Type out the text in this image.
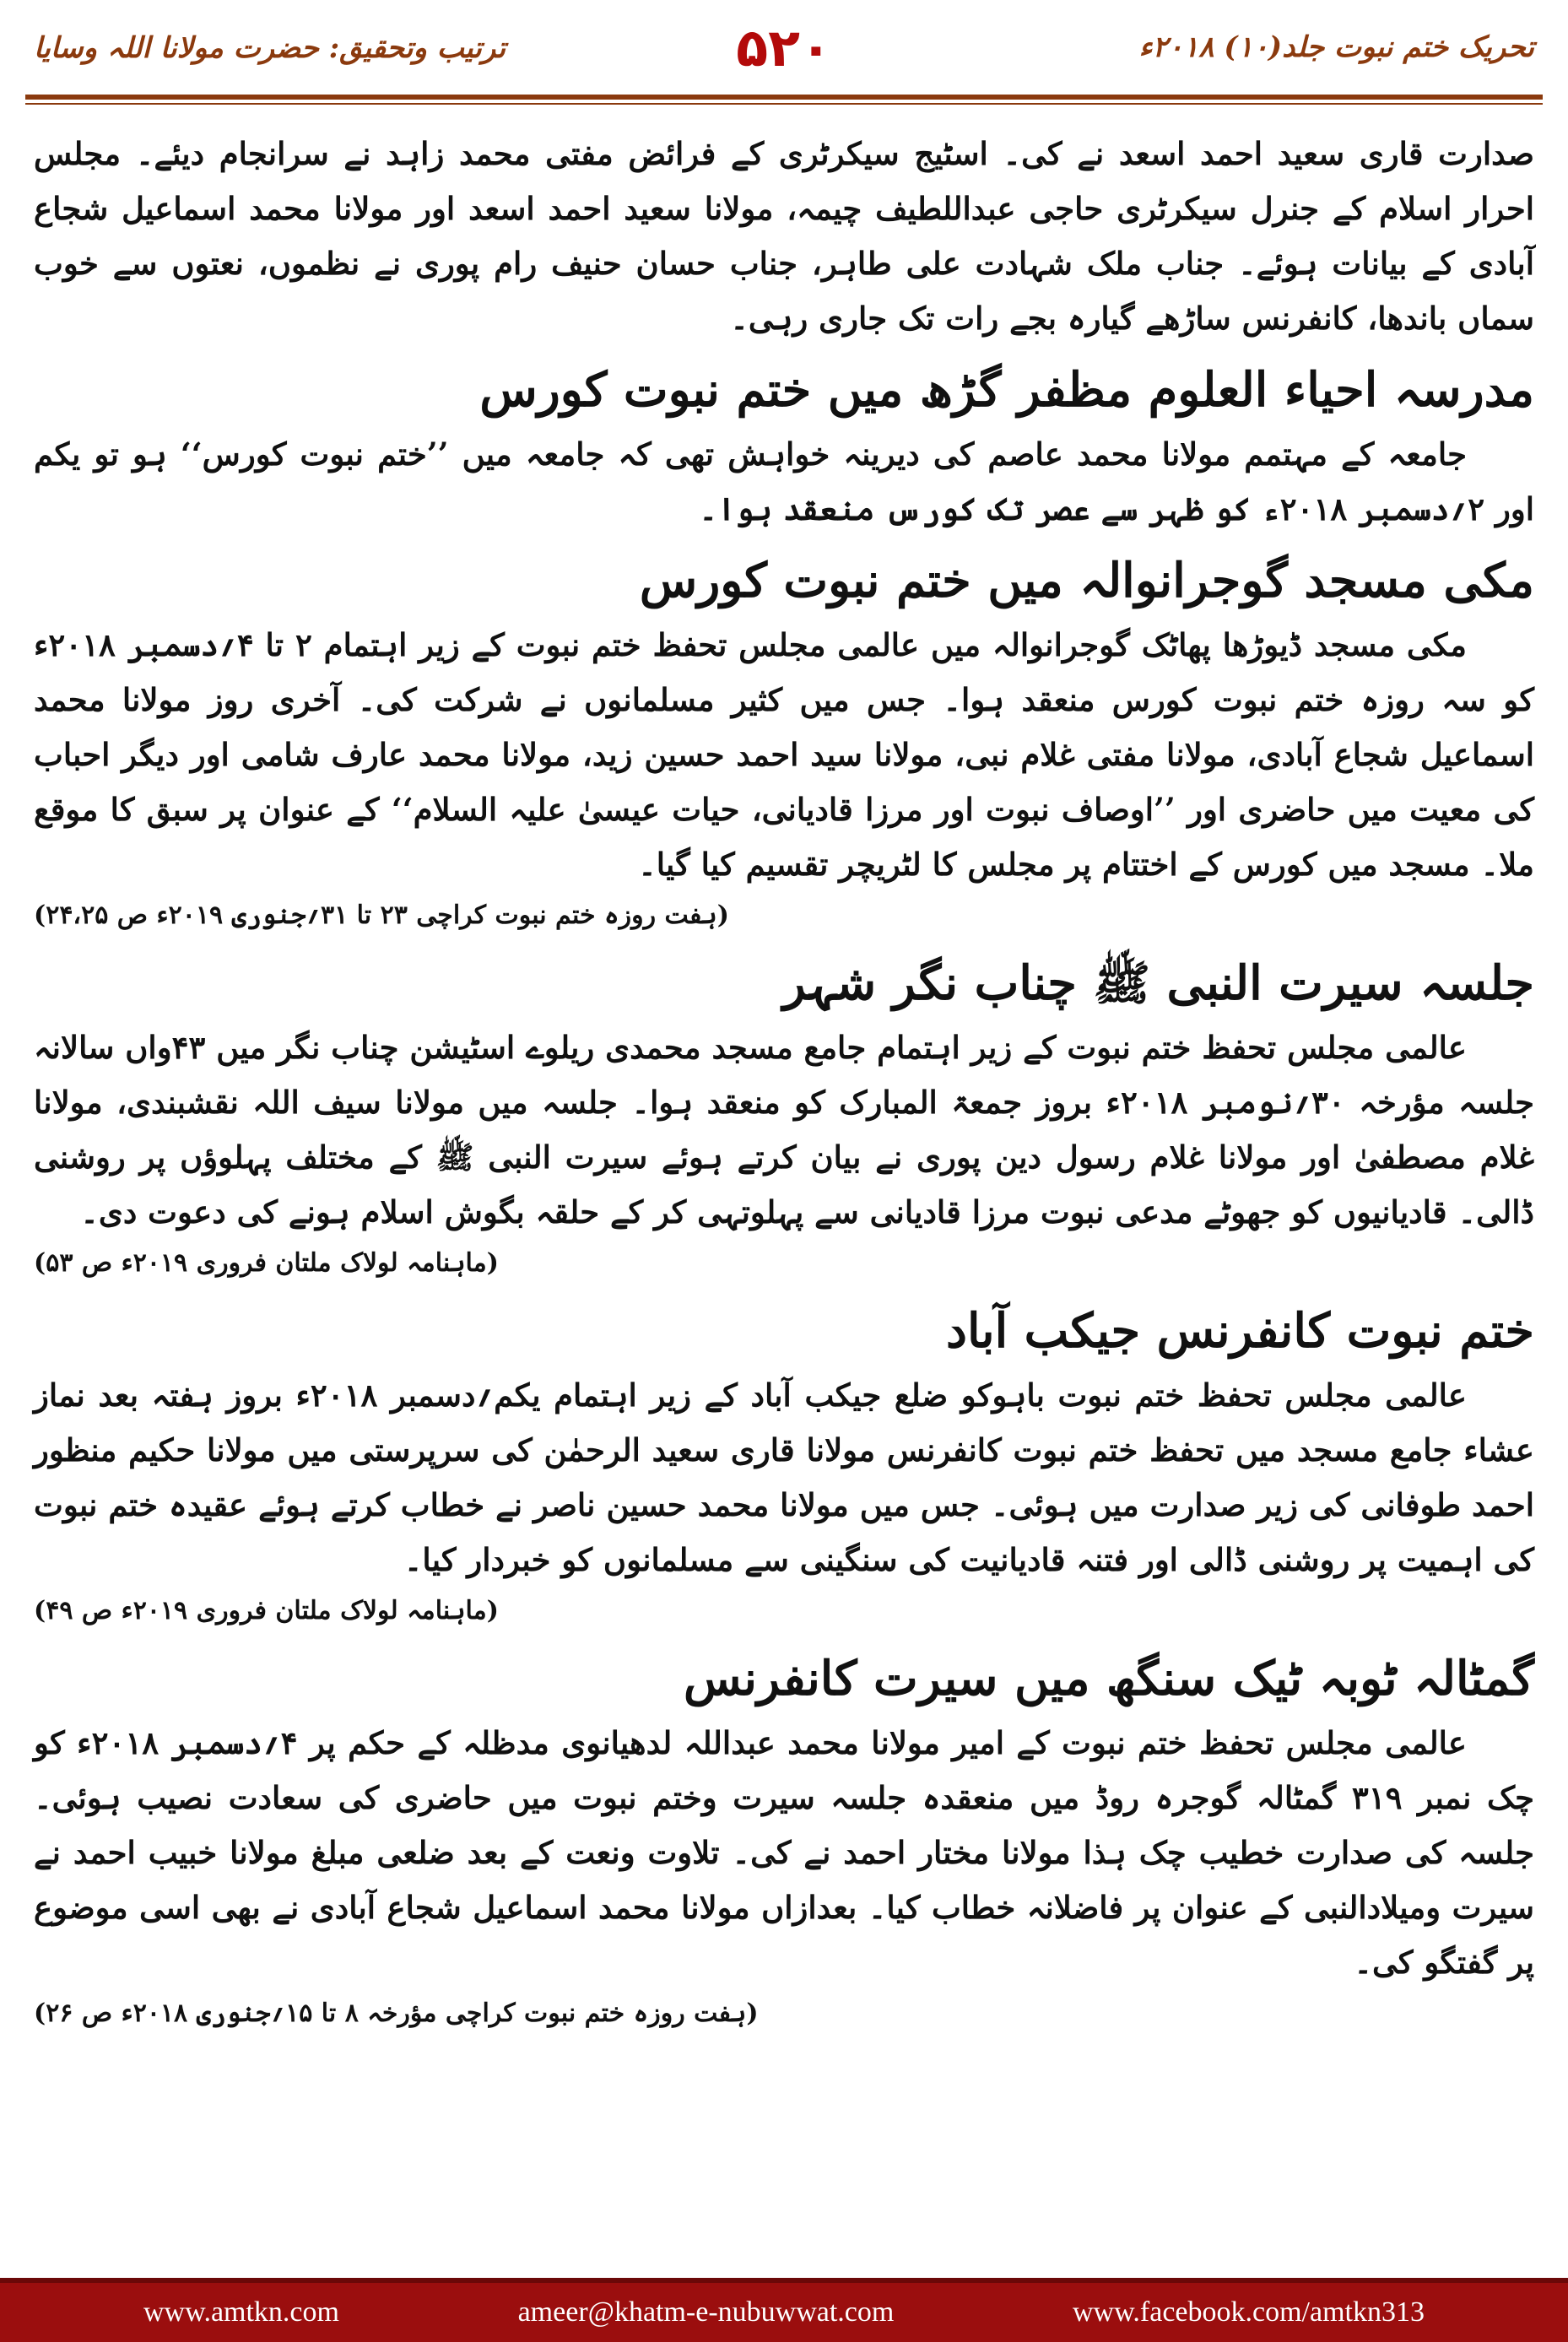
ترتیب وتحقیق: حضرت مولانا اللہ وسایا	۵۲۰	تحریک ختم نبوت جلد(۱۰) ۲۰۱۸ء

صدارت قاری سعید احمد اسعد نے کی۔ اسٹیج سیکرٹری کے فرائض مفتی محمد زاہد نے سرانجام دیئے۔ مجلس احرار اسلام کے جنرل سیکرٹری حاجی عبداللطیف چیمہ، مولانا سعید احمد اسعد اور مولانا محمد اسماعیل شجاع آبادی کے بیانات ہوئے۔ جناب ملک شہادت علی طاہر، جناب حسان حنیف رام پوری نے نظموں، نعتوں سے خوب سماں باندھا، کانفرنس ساڑھے گیارہ بجے رات تک جاری رہی۔

مدرسہ احیاء العلوم مظفر گڑھ میں ختم نبوت کورس

جامعہ کے مہتمم مولانا محمد عاصم کی دیرینہ خواہش تھی کہ جامعہ میں ’’ختم نبوت کورس‘‘ ہو تو یکم اور ۲؍دسمبر ۲۰۱۸ء کو ظہر سے عصر تک کورس منعقد ہوا۔

مکی مسجد گوجرانوالہ میں ختم نبوت کورس

مکی مسجد ڈیوڑھا پھاٹک گوجرانوالہ میں عالمی مجلس تحفظ ختم نبوت کے زیر اہتمام ۲ تا ۴؍دسمبر ۲۰۱۸ء کو سہ روزہ ختم نبوت کورس منعقد ہوا۔ جس میں کثیر مسلمانوں نے شرکت کی۔ آخری روز مولانا محمد اسماعیل شجاع آبادی، مولانا مفتی غلام نبی، مولانا سید احمد حسین زید، مولانا محمد عارف شامی اور دیگر احباب کی معیت میں حاضری اور ’’اوصاف نبوت اور مرزا قادیانی، حیات عیسیٰ علیہ السلام‘‘ کے عنوان پر سبق کا موقع ملا۔ مسجد میں کورس کے اختتام پر مجلس کا لٹریچر تقسیم کیا گیا۔

(ہفت روزہ ختم نبوت کراچی ۲۳ تا ۳۱؍جنوری ۲۰۱۹ء ص ۲۴،۲۵)

جلسہ سیرت النبی ﷺ چناب نگر شہر

عالمی مجلس تحفظ ختم نبوت کے زیر اہتمام جامع مسجد محمدی ریلوے اسٹیشن چناب نگر میں ۴۳واں سالانہ جلسہ مؤرخہ ۳۰؍نومبر ۲۰۱۸ء بروز جمعۃ المبارک کو منعقد ہوا۔ جلسہ میں مولانا سیف اللہ نقشبندی، مولانا غلام مصطفیٰ اور مولانا غلام رسول دین پوری نے بیان کرتے ہوئے سیرت النبی ﷺ کے مختلف پہلوؤں پر روشنی ڈالی۔ قادیانیوں کو جھوٹے مدعی نبوت مرزا قادیانی سے پہلوتہی کر کے حلقہ بگوش اسلام ہونے کی دعوت دی۔

(ماہنامہ لولاک ملتان فروری ۲۰۱۹ء ص ۵۳)

ختم نبوت کانفرنس جیکب آباد

عالمی مجلس تحفظ ختم نبوت باہوکو ضلع جیکب آباد کے زیر اہتمام یکم؍دسمبر ۲۰۱۸ء بروز ہفتہ بعد نماز عشاء جامع مسجد میں تحفظ ختم نبوت کانفرنس مولانا قاری سعید الرحمٰن کی سرپرستی میں مولانا حکیم منظور احمد طوفانی کی زیر صدارت میں ہوئی۔ جس میں مولانا محمد حسین ناصر نے خطاب کرتے ہوئے عقیدہ ختم نبوت کی اہمیت پر روشنی ڈالی اور فتنہ قادیانیت کی سنگینی سے مسلمانوں کو خبردار کیا۔

(ماہنامہ لولاک ملتان فروری ۲۰۱۹ء ص ۴۹)

گمٹالہ ٹوبہ ٹیک سنگھ میں سیرت کانفرنس

عالمی مجلس تحفظ ختم نبوت کے امیر مولانا محمد عبداللہ لدھیانوی مدظلہ کے حکم پر ۴؍دسمبر ۲۰۱۸ء کو چک نمبر ۳۱۹ گمٹالہ گوجرہ روڈ میں منعقدہ جلسہ سیرت وختم نبوت میں حاضری کی سعادت نصیب ہوئی۔ جلسہ کی صدارت خطیب چک ہذا مولانا مختار احمد نے کی۔ تلاوت ونعت کے بعد ضلعی مبلغ مولانا خبیب احمد نے سیرت ومیلادالنبی کے عنوان پر فاضلانہ خطاب کیا۔ بعدازاں مولانا محمد اسماعیل شجاع آبادی نے بھی اسی موضوع پر گفتگو کی۔

(ہفت روزہ ختم نبوت کراچی مؤرخہ ۸ تا ۱۵؍جنوری ۲۰۱۸ء ص ۲۶)

www.amtkn.com	ameer@khatm-e-nubuwwat.com	www.facebook.com/amtkn313
